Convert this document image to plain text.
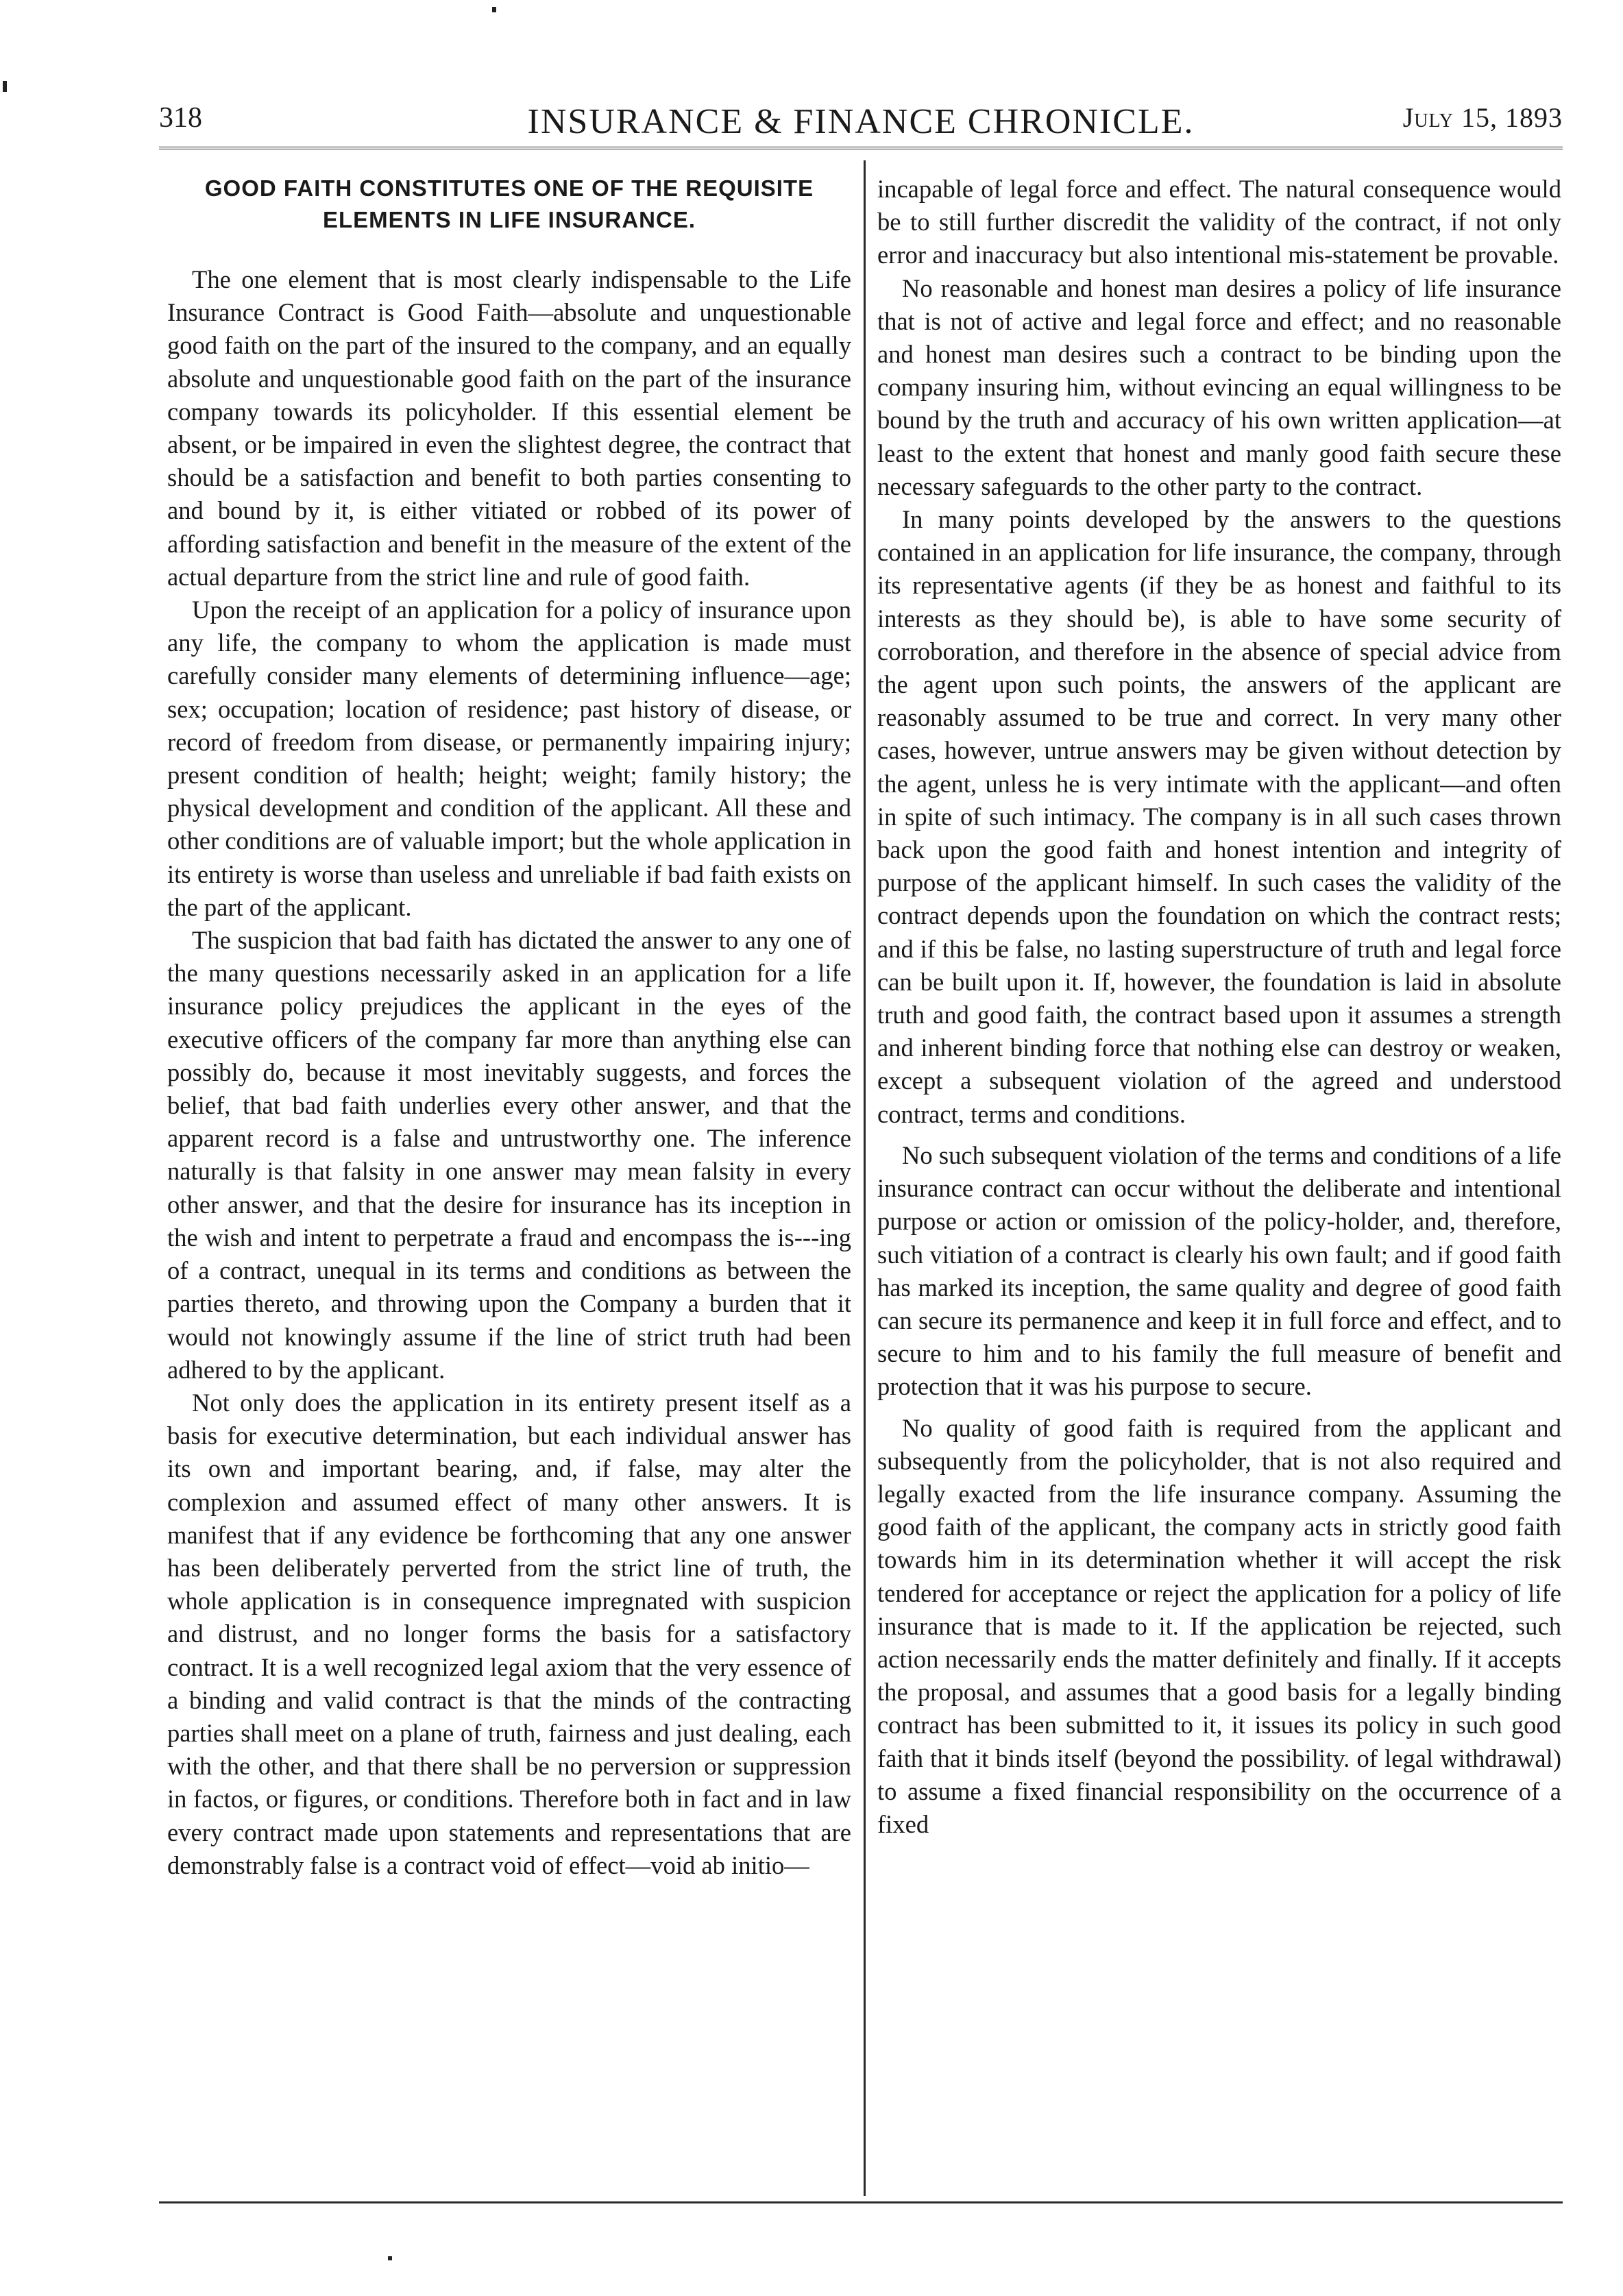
318	INSURANCE & FINANCE CHRONICLE.	July 15, 1893
GOOD FAITH CONSTITUTES ONE OF THE REQUISITE ELEMENTS IN LIFE INSURANCE.

The one element that is most clearly indispensable to the Life Insurance Contract is Good Faith—absolute and unquestionable good faith on the part of the insured to the company, and an equally absolute and unquestionable good faith on the part of the insurance company towards its policyholder. If this essential element be absent, or be impaired in even the slightest degree, the contract that should be a satisfaction and benefit to both parties consenting to and bound by it, is either vitiated or robbed of its power of affording satisfaction and benefit in the measure of the extent of the actual departure from the strict line and rule of good faith.

Upon the receipt of an application for a policy of insurance upon any life, the company to whom the application is made must carefully consider many elements of determining influence—age; sex; occupation; location of residence; past history of disease, or record of freedom from disease, or permanently impairing injury; present condition of health; height; weight; family history; the physical development and condition of the applicant. All these and other conditions are of valuable import; but the whole application in its entirety is worse than useless and unreliable if bad faith exists on the part of the applicant.

The suspicion that bad faith has dictated the answer to any one of the many questions necessarily asked in an application for a life insurance policy prejudices the applicant in the eyes of the executive officers of the company far more than anything else can possibly do, because it most inevitably suggests, and forces the belief, that bad faith underlies every other answer, and that the apparent record is a false and untrustworthy one. The inference naturally is that falsity in one answer may mean falsity in every other answer, and that the desire for insurance has its inception in the wish and intent to perpetrate a fraud and encompass the is---ing of a contract, unequal in its terms and conditions as between the parties thereto, and throwing upon the Company a burden that it would not knowingly assume if the line of strict truth had been adhered to by the applicant.

Not only does the application in its entirety present itself as a basis for executive determination, but each individual answer has its own and important bearing, and, if false, may alter the complexion and assumed effect of many other answers. It is manifest that if any evidence be forthcoming that any one answer has been deliberately perverted from the strict line of truth, the whole application is in consequence impregnated with suspicion and distrust, and no longer forms the basis for a satisfactory contract. It is a well recognized legal axiom that the very essence of a binding and valid contract is that the minds of the contracting parties shall meet on a plane of truth, fairness and just dealing, each with the other, and that there shall be no perversion or suppression in factos, or figures, or conditions. Therefore both in fact and in law every contract made upon statements and representations that are demonstrably false is a contract void of effect—void ab initio—

incapable of legal force and effect. The natural consequence would be to still further discredit the validity of the contract, if not only error and inaccuracy but also intentional mis-statement be provable.

No reasonable and honest man desires a policy of life insurance that is not of active and legal force and effect; and no reasonable and honest man desires such a contract to be binding upon the company insuring him, without evincing an equal willingness to be bound by the truth and accuracy of his own written application—at least to the extent that honest and manly good faith secure these necessary safeguards to the other party to the contract.

In many points developed by the answers to the questions contained in an application for life insurance, the company, through its representative agents (if they be as honest and faithful to its interests as they should be), is able to have some security of corroboration, and therefore in the absence of special advice from the agent upon such points, the answers of the applicant are reasonably assumed to be true and correct. In very many other cases, however, untrue answers may be given without detection by the agent, unless he is very intimate with the applicant—and often in spite of such intimacy. The company is in all such cases thrown back upon the good faith and honest intention and integrity of purpose of the applicant himself. In such cases the validity of the contract depends upon the foundation on which the contract rests; and if this be false, no lasting superstructure of truth and legal force can be built upon it. If, however, the foundation is laid in absolute truth and good faith, the contract based upon it assumes a strength and inherent binding force that nothing else can destroy or weaken, except a subsequent violation of the agreed and understood contract, terms and conditions.

No such subsequent violation of the terms and conditions of a life insurance contract can occur without the deliberate and intentional purpose or action or omission of the policy-holder, and, therefore, such vitiation of a contract is clearly his own fault; and if good faith has marked its inception, the same quality and degree of good faith can secure its permanence and keep it in full force and effect, and to secure to him and to his family the full measure of benefit and protection that it was his purpose to secure.

No quality of good faith is required from the applicant and subsequently from the policyholder, that is not also required and legally exacted from the life insurance company. Assuming the good faith of the applicant, the company acts in strictly good faith towards him in its determination whether it will accept the risk tendered for acceptance or reject the application for a policy of life insurance that is made to it. If the application be rejected, such action necessarily ends the matter definitely and finally. If it accepts the proposal, and assumes that a good basis for a legally binding contract has been submitted to it, it issues its policy in such good faith that it binds itself (beyond the possibility. of legal withdrawal) to assume a fixed financial responsibility on the occurrence of a fixed
